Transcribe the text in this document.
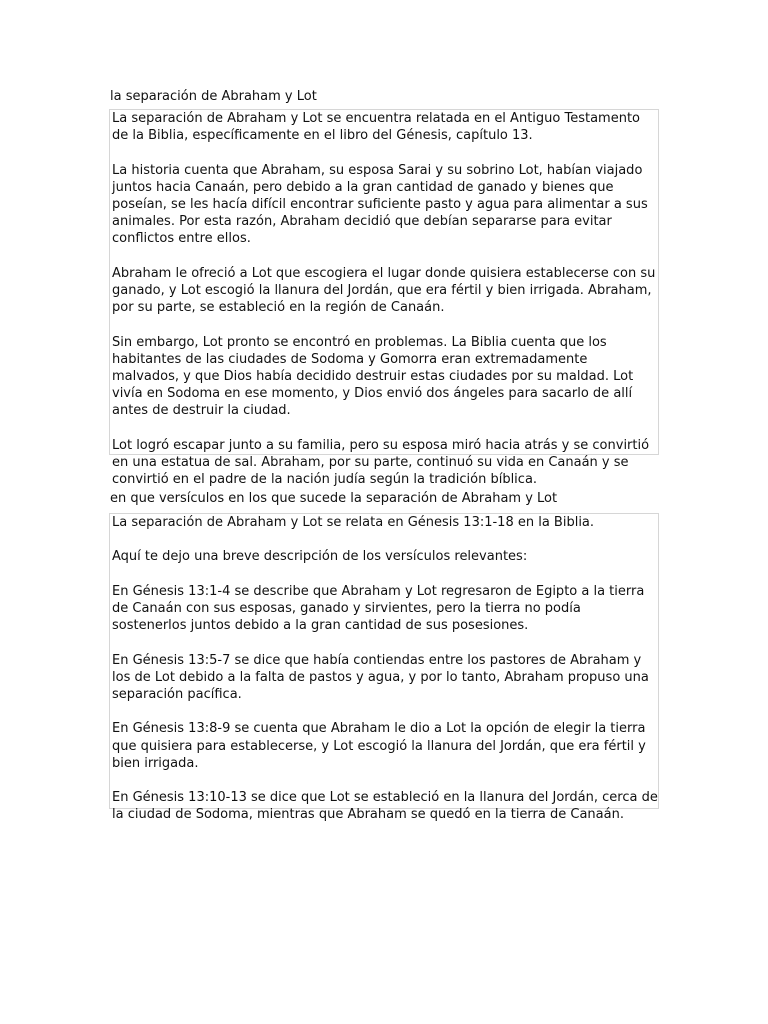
la separación de Abraham y Lot

La separación de Abraham y Lot se encuentra relatada en el Antiguo Testamento de la Biblia, específicamente en el libro del Génesis, capítulo 13.

La historia cuenta que Abraham, su esposa Sarai y su sobrino Lot, habían viajado juntos hacia Canaán, pero debido a la gran cantidad de ganado y bienes que poseían, se les hacía difícil encontrar suficiente pasto y agua para alimentar a sus animales. Por esta razón, Abraham decidió que debían separarse para evitar conflictos entre ellos.

Abraham le ofreció a Lot que escogiera el lugar donde quisiera establecerse con su ganado, y Lot escogió la llanura del Jordán, que era fértil y bien irrigada. Abraham, por su parte, se estableció en la región de Canaán.

Sin embargo, Lot pronto se encontró en problemas. La Biblia cuenta que los habitantes de las ciudades de Sodoma y Gomorra eran extremadamente malvados, y que Dios había decidido destruir estas ciudades por su maldad. Lot vivía en Sodoma en ese momento, y Dios envió dos ángeles para sacarlo de allí antes de destruir la ciudad.

Lot logró escapar junto a su familia, pero su esposa miró hacia atrás y se convirtió en una estatua de sal. Abraham, por su parte, continuó su vida en Canaán y se convirtió en el padre de la nación judía según la tradición bíblica.

en que versículos en los que sucede la separación de Abraham y Lot

La separación de Abraham y Lot se relata en Génesis 13:1-18 en la Biblia.

Aquí te dejo una breve descripción de los versículos relevantes:

En Génesis 13:1-4 se describe que Abraham y Lot regresaron de Egipto a la tierra de Canaán con sus esposas, ganado y sirvientes, pero la tierra no podía sostenerlos juntos debido a la gran cantidad de sus posesiones.

En Génesis 13:5-7 se dice que había contiendas entre los pastores de Abraham y los de Lot debido a la falta de pastos y agua, y por lo tanto, Abraham propuso una separación pacífica.

En Génesis 13:8-9 se cuenta que Abraham le dio a Lot la opción de elegir la tierra que quisiera para establecerse, y Lot escogió la llanura del Jordán, que era fértil y bien irrigada.

En Génesis 13:10-13 se dice que Lot se estableció en la llanura del Jordán, cerca de la ciudad de Sodoma, mientras que Abraham se quedó en la tierra de Canaán.
